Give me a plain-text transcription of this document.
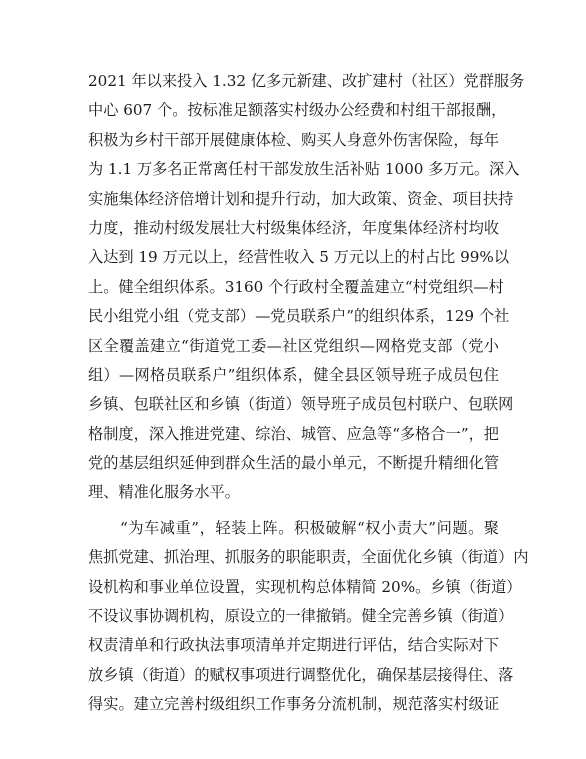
2021 年以来投入 1.32 亿多元新建、改扩建村（社区）党群服务
中心 607 个。按标准足额落实村级办公经费和村组干部报酬，
积极为乡村干部开展健康体检、购买人身意外伤害保险，每年
为 1.1 万多名正常离任村干部发放生活补贴 1000 多万元。深入
实施集体经济倍增计划和提升行动，加大政策、资金、项目扶持
力度，推动村级发展壮大村级集体经济，年度集体经济村均收
入达到 19 万元以上，经营性收入 5 万元以上的村占比 99%以
上。健全组织体系。3160 个行政村全覆盖建立“村党组织—村
民小组党小组（党支部）—党员联系户”的组织体系，129 个社
区全覆盖建立“街道党工委—社区党组织—网格党支部（党小
组）—网格员联系户”组织体系，健全县区领导班子成员包住
乡镇、包联社区和乡镇（街道）领导班子成员包村联户、包联网
格制度，深入推进党建、综治、城管、应急等“多格合一”，把
党的基层组织延伸到群众生活的最小单元，不断提升精细化管
理、精准化服务水平。
“为车减重”，轻装上阵。积极破解“权小责大”问题。聚
焦抓党建、抓治理、抓服务的职能职责，全面优化乡镇（街道）内
设机构和事业单位设置，实现机构总体精简 20%。乡镇（街道）
不设议事协调机构，原设立的一律撤销。健全完善乡镇（街道）
权责清单和行政执法事项清单并定期进行评估，结合实际对下
放乡镇（街道）的赋权事项进行调整优化，确保基层接得住、落
得实。建立完善村级组织工作事务分流机制，规范落实村级证
